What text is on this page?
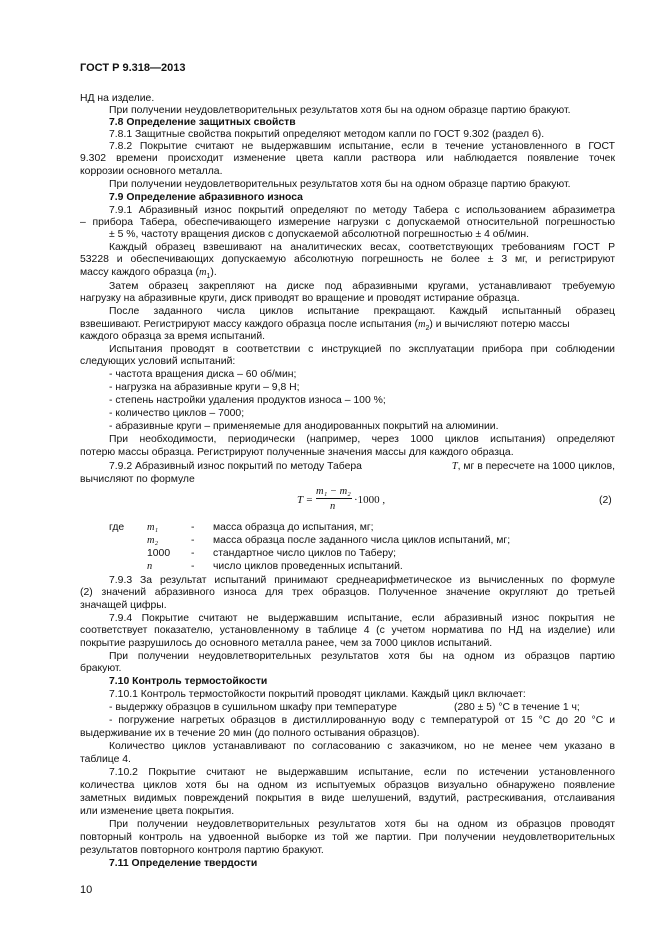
ГОСТ Р 9.318—2013
НД на изделие.
При получении неудовлетворительных результатов хотя бы на одном образце партию бракуют.
7.8 Определение защитных свойств
7.8.1 Защитные свойства покрытий определяют методом капли по ГОСТ 9.302 (раздел 6).
7.8.2 Покрытие считают не выдержавшим испытание, если в течение установленного в ГОСТ
9.302 времени происходит изменение цвета капли раствора или наблюдается появление точек
коррозии основного металла.
При получении неудовлетворительных результатов хотя бы на одном образце партию бракуют.
7.9 Определение абразивного износа
7.9.1 Абразивный износ покрытий определяют по методу Табера с использованием абразиметра
– прибора Табера, обеспечивающего измерение нагрузки с допускаемой относительной погрешностью
± 5 %, частоту вращения дисков с допускаемой абсолютной погрешностью ± 4 об/мин.
Каждый образец взвешивают на аналитических весах, соответствующих требованиям ГОСТ Р
53228 и обеспечивающих допускаемую абсолютную погрешность не более ± 3 мг, и регистрируют
массу каждого образца $(m_1)$.
Затем образец закрепляют на диске под абразивными кругами, устанавливают требуемую
нагрузку на абразивные круги, диск приводят во вращение и проводят истирание образца.
После заданного числа циклов испытание прекращают. Каждый испытанный образец
взвешивают. Регистрируют массу каждого образца после испытания $(m_2)$ и вычисляют потерю массы
каждого образца за время испытаний.
Испытания проводят в соответствии с инструкцией по эксплуатации прибора при соблюдении
следующих условий испытаний:
- частота вращения диска – 60 об/мин;
- нагрузка на абразивные круги – 9,8 Н;
- степень настройки удаления продуктов износа – 100 %;
- количество циклов – 7000;
- абразивные круги – применяемые для анодированных покрытий на алюминии.
При необходимости, периодически (например, через 1000 циклов испытания) определяют
потерю массы образца. Регистрируют полученные значения массы для каждого образца.
7.9.2 Абразивный износ покрытий по методу Табера	T, мг в пересчете на 1000 циклов,
вычисляют по формуле
T =
m₁ − m₂
n
·1000 ,	(2)
где m₁	- масса образца до испытания, мг;
m₂	- масса образца после заданного числа циклов испытаний, мг;
1000 - стандартное число циклов по Таберу;
n	- число циклов проведенных испытаний.
7.9.3 За результат испытаний принимают среднеарифметическое из вычисленных по формуле
(2) значений абразивного износа для трех образцов. Полученное значение округляют до третьей
значащей цифры.
7.9.4 Покрытие считают не выдержавшим испытание, если абразивный износ покрытия не
соответствует показателю, установленному в таблице 4 (с учетом норматива по НД на изделие) или
покрытие разрушилось до основного металла ранее, чем за 7000 циклов испытаний.
При получении неудовлетворительных результатов хотя бы на одном из образцов партию
бракуют.
7.10 Контроль термостойкости
7.10.1 Контроль термостойкости покрытий проводят циклами. Каждый цикл включает:
- выдержку образцов в сушильном шкафу при температуре	(280 ± 5) °С в течение 1 ч;
- погружение нагретых образцов в дистиллированную воду с температурой от 15 °С до 20 °С и
выдерживание их в течение 20 мин (до полного остывания образцов).
Количество циклов устанавливают по согласованию с заказчиком, но не менее чем указано в
таблице 4.
7.10.2 Покрытие считают не выдержавшим испытание, если по истечении установленного
количества циклов хотя бы на одном из испытуемых образцов визуально обнаружено появление
заметных видимых повреждений покрытия в виде шелушений, вздутий, растрескивания, отслаивания
или изменение цвета покрытия.
При получении неудовлетворительных результатов хотя бы на одном из образцов проводят
повторный контроль на удвоенной выборке из той же партии. При получении неудовлетворительных
результатов повторного контроля партию бракуют.
7.11 Определение твердости
10
